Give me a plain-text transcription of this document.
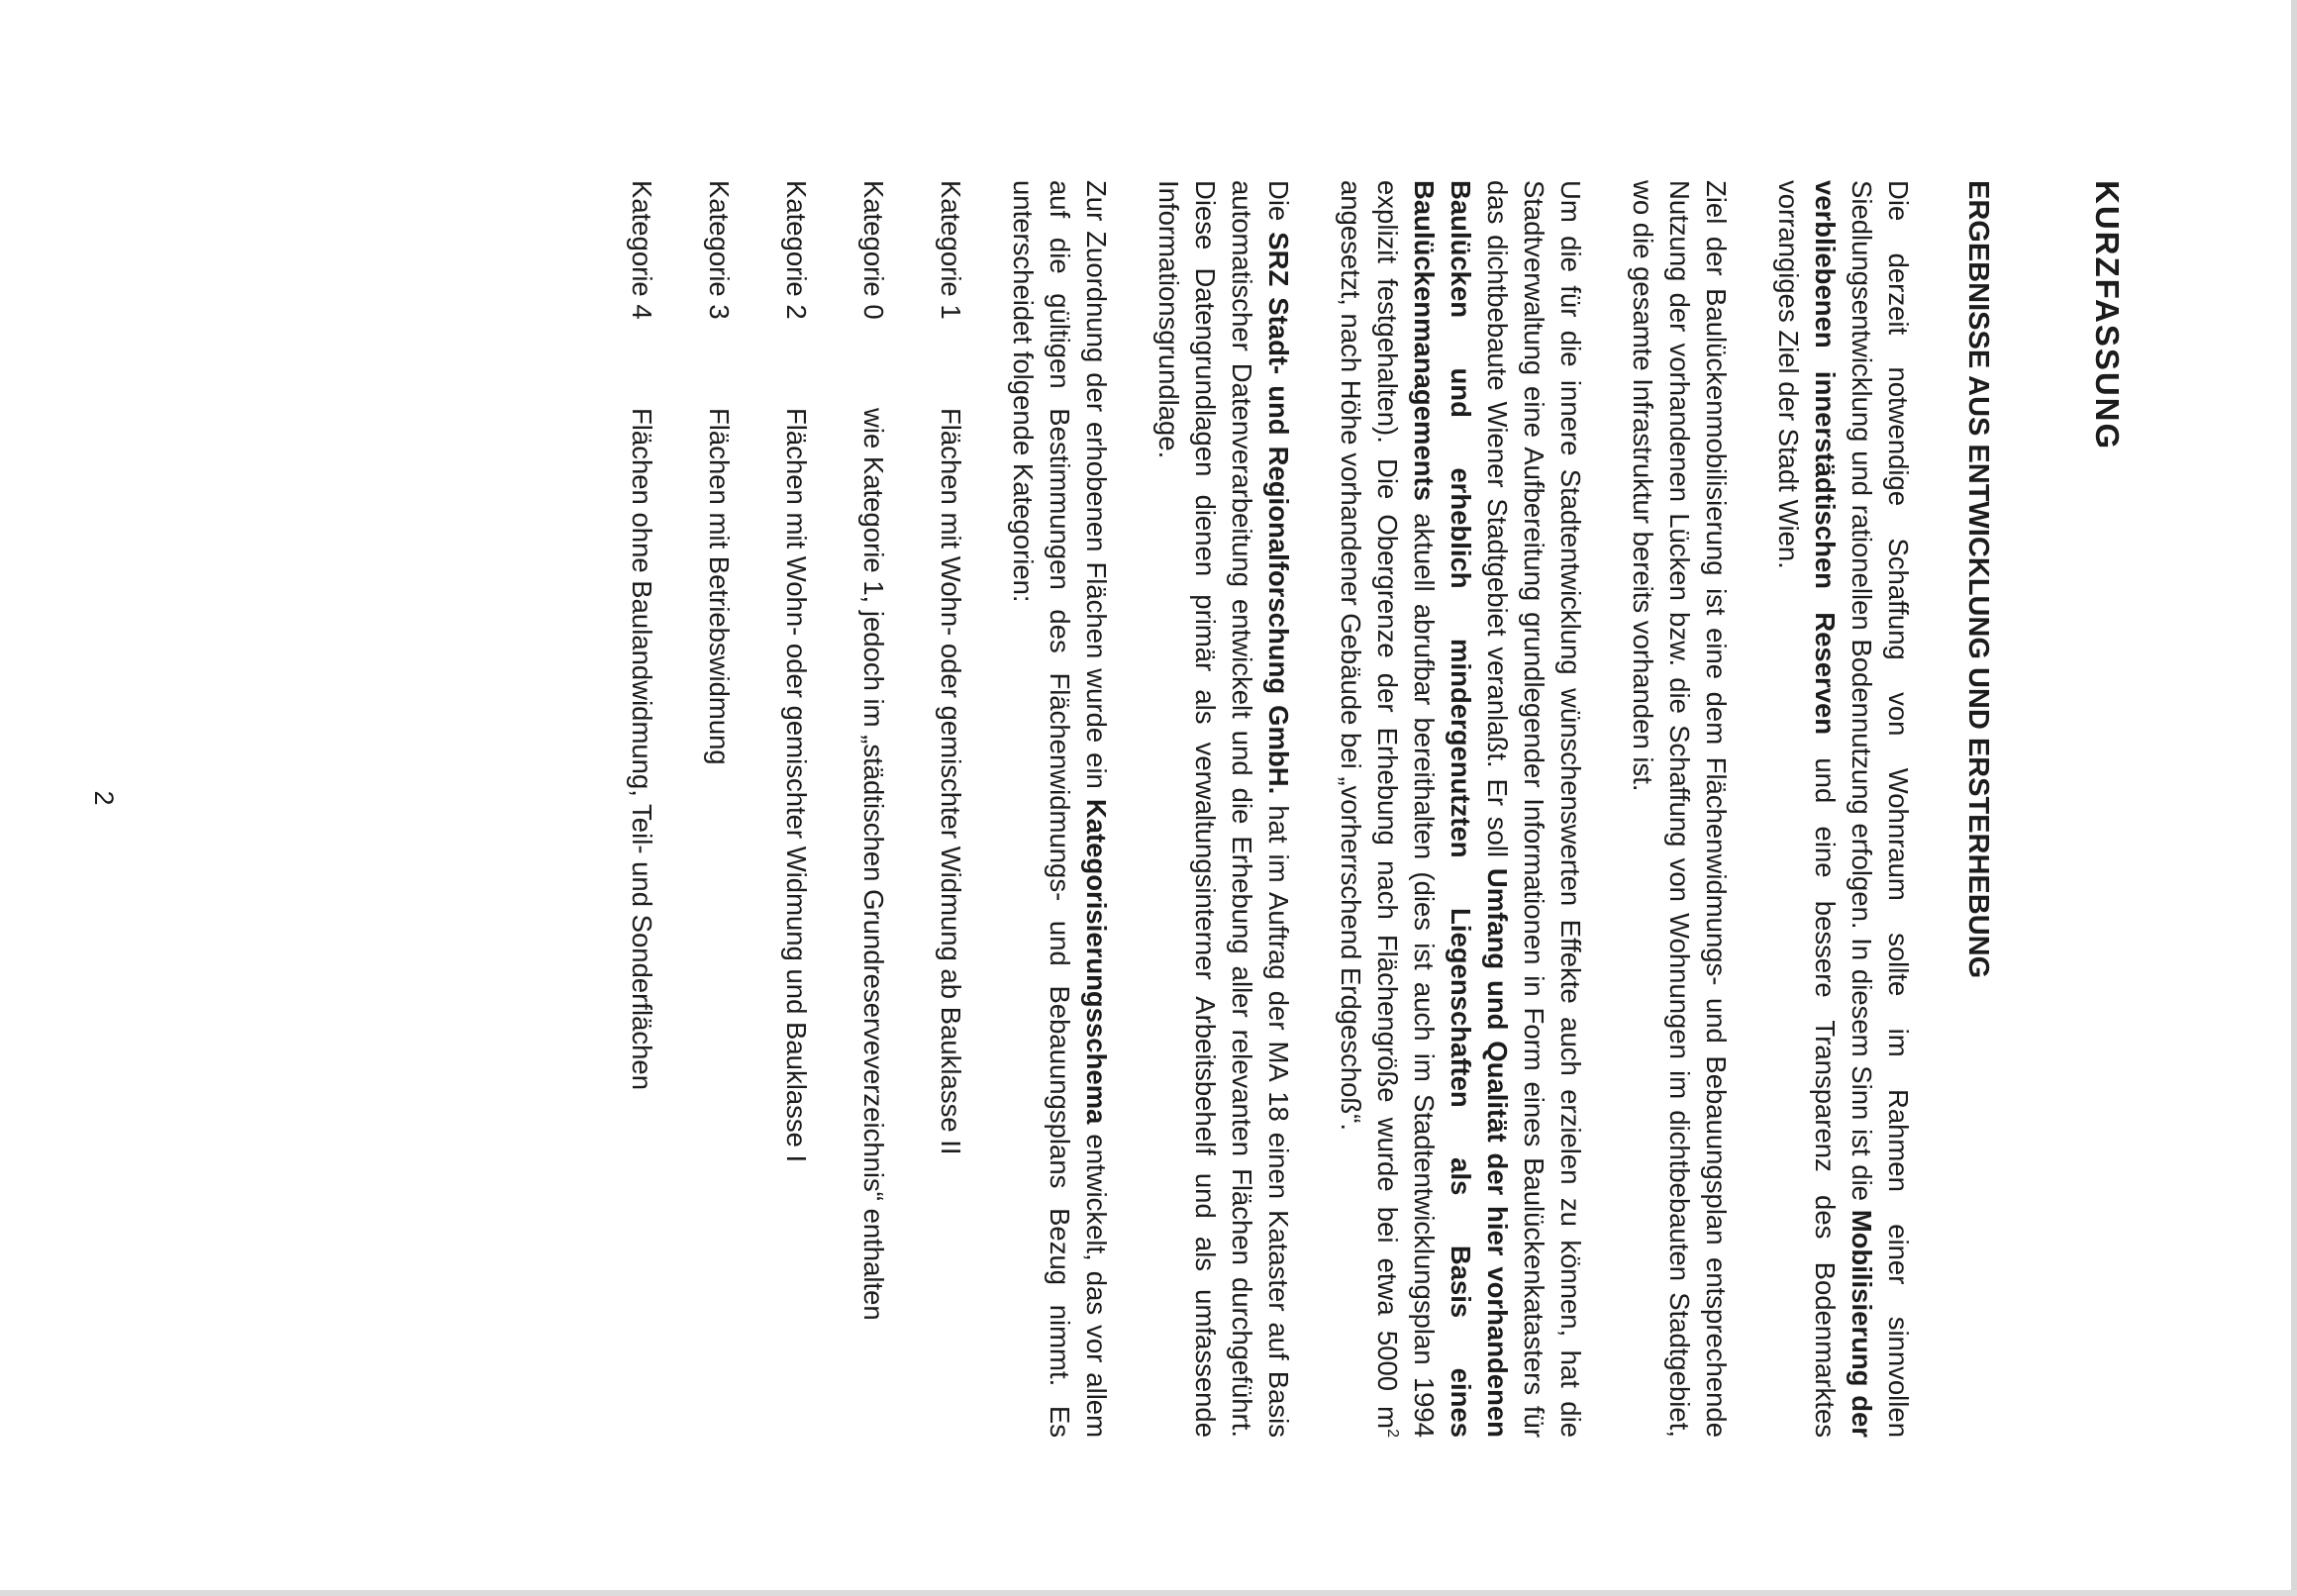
KURZFASSUNG
ERGEBNISSE AUS ENTWICKLUNG UND ERSTERHEBUNG

Die derzeit notwendige Schaffung von Wohnraum sollte im Rahmen einer sinnvollen Siedlungsentwicklung und rationellen Bodennutzung erfolgen. In diesem Sinn ist die Mobilisierung der verbliebenen innerstädtischen Reserven und eine bessere Transparenz des Bodenmarktes vorrangiges Ziel der Stadt Wien.

Ziel der Baulückenmobilisierung ist eine dem Flächenwidmungs- und Bebauungsplan entsprechende Nutzung der vorhandenen Lücken bzw. die Schaffung von Wohnungen im dichtbebauten Stadtgebiet, wo die gesamte Infrastruktur bereits vorhanden ist.

Um die für die innere Stadtentwicklung wünschenswerten Effekte auch erzielen zu können, hat die Stadtverwaltung eine Aufbereitung grundlegender Informationen in Form eines Baulückenkatasters für das dichtbebaute Wiener Stadtgebiet veranlaßt. Er soll Umfang und Qualität der hier vorhandenen Baulücken und erheblich mindergenutzten Liegenschaften als Basis eines Baulückenmanagements aktuell abrufbar bereithalten (dies ist auch im Stadtentwicklungsplan 1994 explizit festgehalten). Die Obergrenze der Erhebung nach Flächengröße wurde bei etwa 5000 $m^2$ angesetzt, nach Höhe vorhandener Gebäude bei „vorherrschend Erdgeschoß“.

Die SRZ Stadt- und Regionalforschung GmbH. hat im Auftrag der MA 18 einen Kataster auf Basis automatischer Datenverarbeitung entwickelt und die Erhebung aller relevanten Flächen durchgeführt. Diese Datengrundlagen dienen primär als verwaltungsinterner Arbeitsbehelf und als umfassende Informationsgrundlage.

Zur Zuordnung der erhobenen Flächen wurde ein Kategorisierungsschema entwickelt, das vor allem auf die gültigen Bestimmungen des Flächenwidmungs- und Bebauungsplans Bezug nimmt. Es unterscheidet folgende Kategorien:

Kategorie 1
Flächen mit Wohn- oder gemischter Widmung ab Bauklasse II
Kategorie 0
wie Kategorie 1, jedoch im „städtischen Grundreserveverzeichnis“ enthalten
Kategorie 2
Flächen mit Wohn- oder gemischter Widmung und Bauklasse I
Kategorie 3
Flächen mit Betriebswidmung
Kategorie 4
Flächen ohne Baulandwidmung, Teil- und Sonderflächen
2
